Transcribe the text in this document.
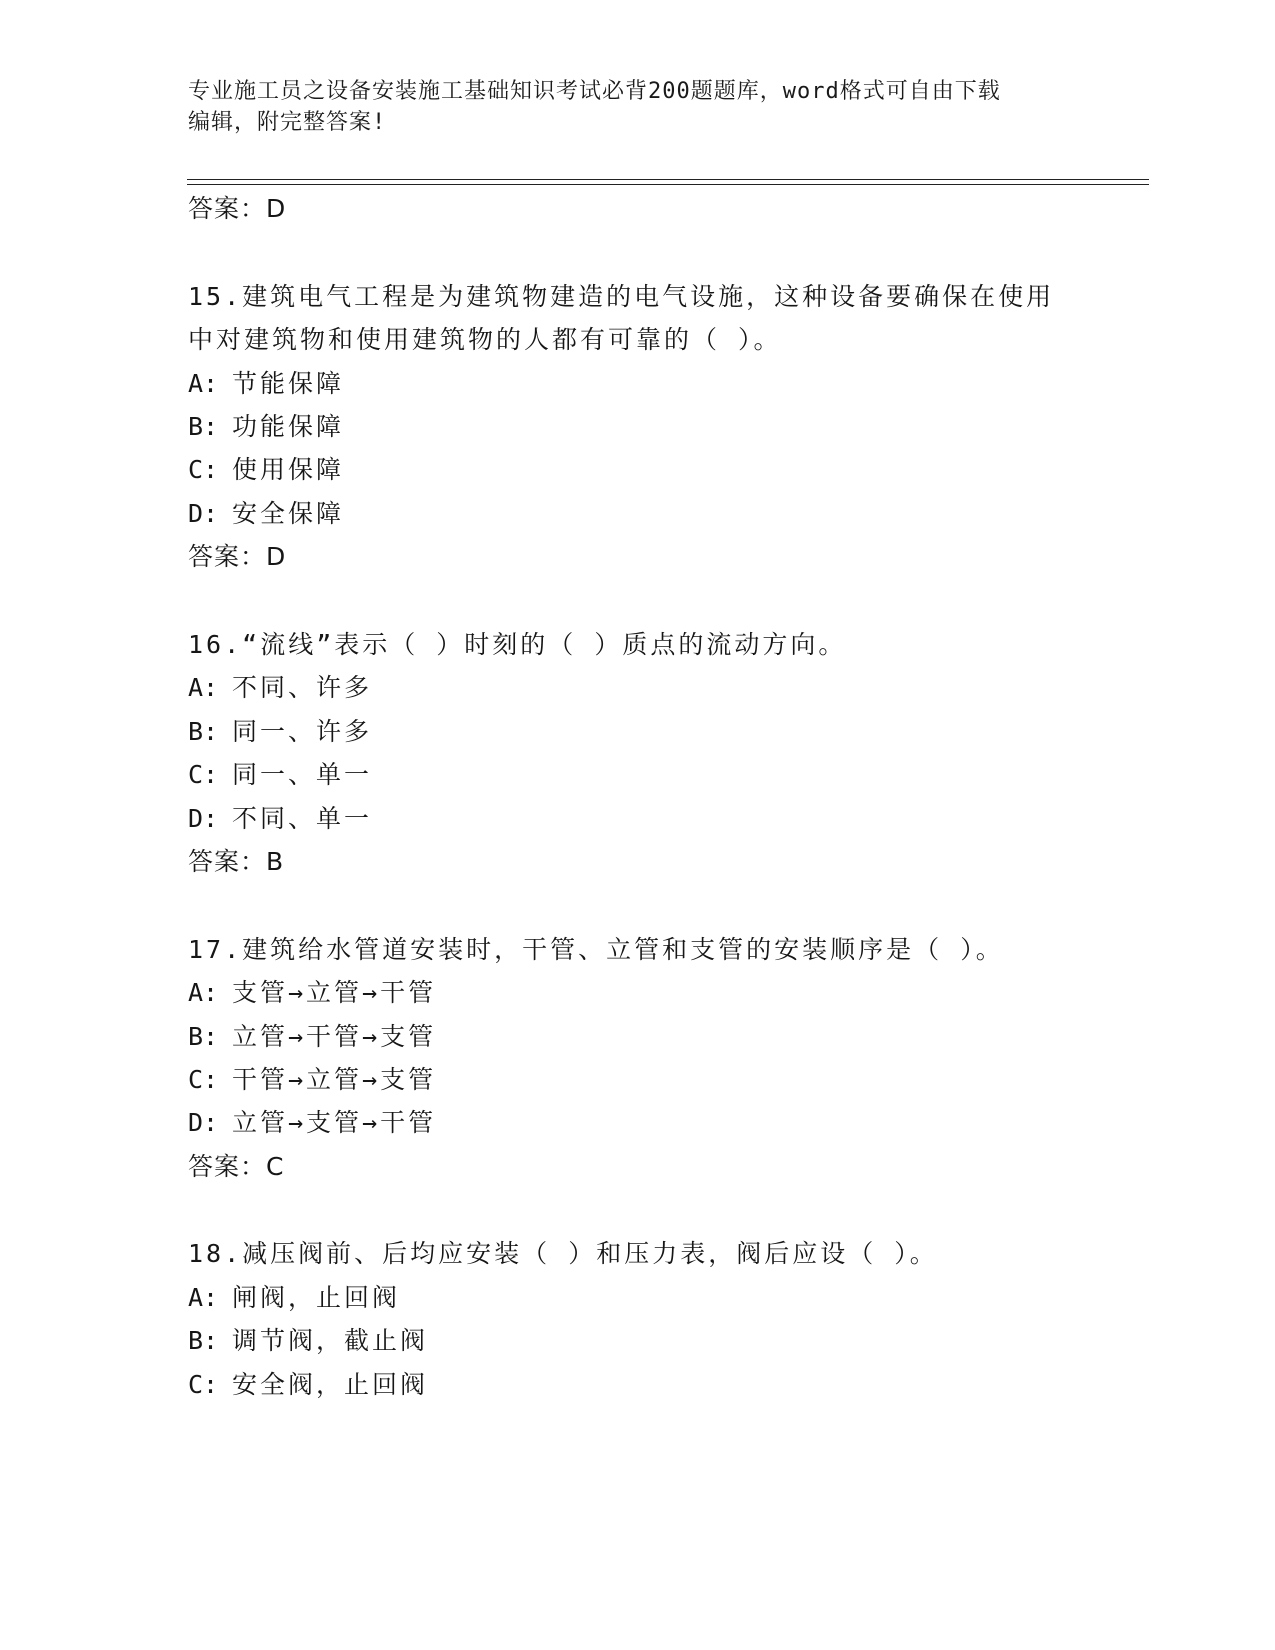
专业施工员之设备安装施工基础知识考试必背200题题库，word格式可自由下载
编辑，附完整答案!
答案：D
15.建筑电气工程是为建筑物建造的电气设施，这种设备要确保在使用
中对建筑物和使用建筑物的人都有可靠的（ ）。
A: 节能保障
B: 功能保障
C: 使用保障
D: 安全保障
答案：D
16.“流线”表示（ ）时刻的（ ）质点的流动方向。
A: 不同、许多
B: 同一、许多
C: 同一、单一
D: 不同、单一
答案：B
17.建筑给水管道安装时，干管、立管和支管的安装顺序是（ ）。
A: 支管→立管→干管
B: 立管→干管→支管
C: 干管→立管→支管
D: 立管→支管→干管
答案：C
18.减压阀前、后均应安装（ ）和压力表，阀后应设（ ）。
A: 闸阀，止回阀
B: 调节阀，截止阀
C: 安全阀，止回阀
